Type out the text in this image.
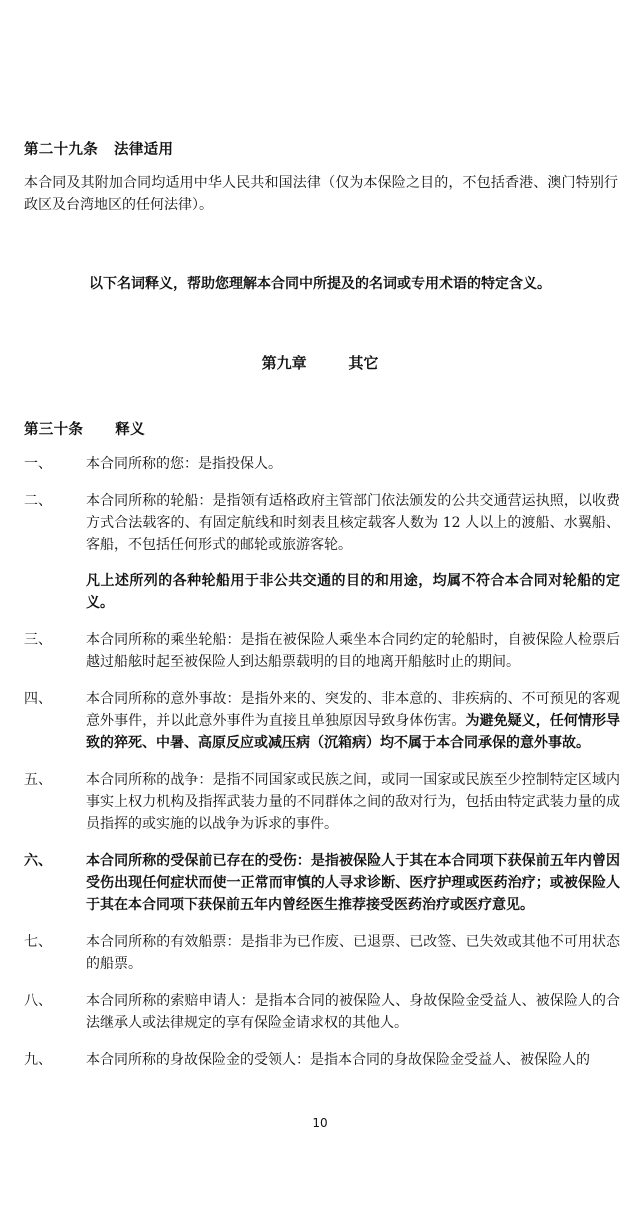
第二十九条   法律适用
本合同及其附加合同均适用中华人民共和国法律（仅为本保险之目的，不包括香港、澳门特别行政区及台湾地区的任何法律）。
以下名词释义，帮助您理解本合同中所提及的名词或专用术语的特定含义。
第九章        其它
第三十条      释义
一、	本合同所称的您：是指投保人。

二、	本合同所称的轮船：是指领有适格政府主管部门依法颁发的公共交通营运执照，以收费方式合法载客的、有固定航线和时刻表且核定载客人数为 12 人以上的渡船、水翼船、客船，不包括任何形式的邮轮或旅游客轮。

凡上述所列的各种轮船用于非公共交通的目的和用途，均属不符合本合同对轮船的定义。

三、	本合同所称的乘坐轮船：是指在被保险人乘坐本合同约定的轮船时，自被保险人检票后越过船舷时起至被保险人到达船票载明的目的地离开船舷时止的期间。

四、	本合同所称的意外事故：是指外来的、突发的、非本意的、非疾病的、不可预见的客观意外事件，并以此意外事件为直接且单独原因导致身体伤害。为避免疑义，任何情形导致的猝死、中暑、高原反应或减压病（沉箱病）均不属于本合同承保的意外事故。

五、	本合同所称的战争：是指不同国家或民族之间，或同一国家或民族至少控制特定区域内事实上权力机构及指挥武装力量的不同群体之间的敌对行为，包括由特定武装力量的成员指挥的或实施的以战争为诉求的事件。

六、	本合同所称的受保前已存在的受伤：是指被保险人于其在本合同项下获保前五年内曾因受伤出现任何症状而使一正常而审慎的人寻求诊断、医疗护理或医药治疗；或被保险人于其在本合同项下获保前五年内曾经医生推荐接受医药治疗或医疗意见。

七、	本合同所称的有效船票：是指非为已作废、已退票、已改签、已失效或其他不可用状态的船票。

八、	本合同所称的索赔申请人：是指本合同的被保险人、身故保险金受益人、被保险人的合法继承人或法律规定的享有保险金请求权的其他人。

九、	本合同所称的身故保险金的受领人：是指本合同的身故保险金受益人、被保险人的

10
